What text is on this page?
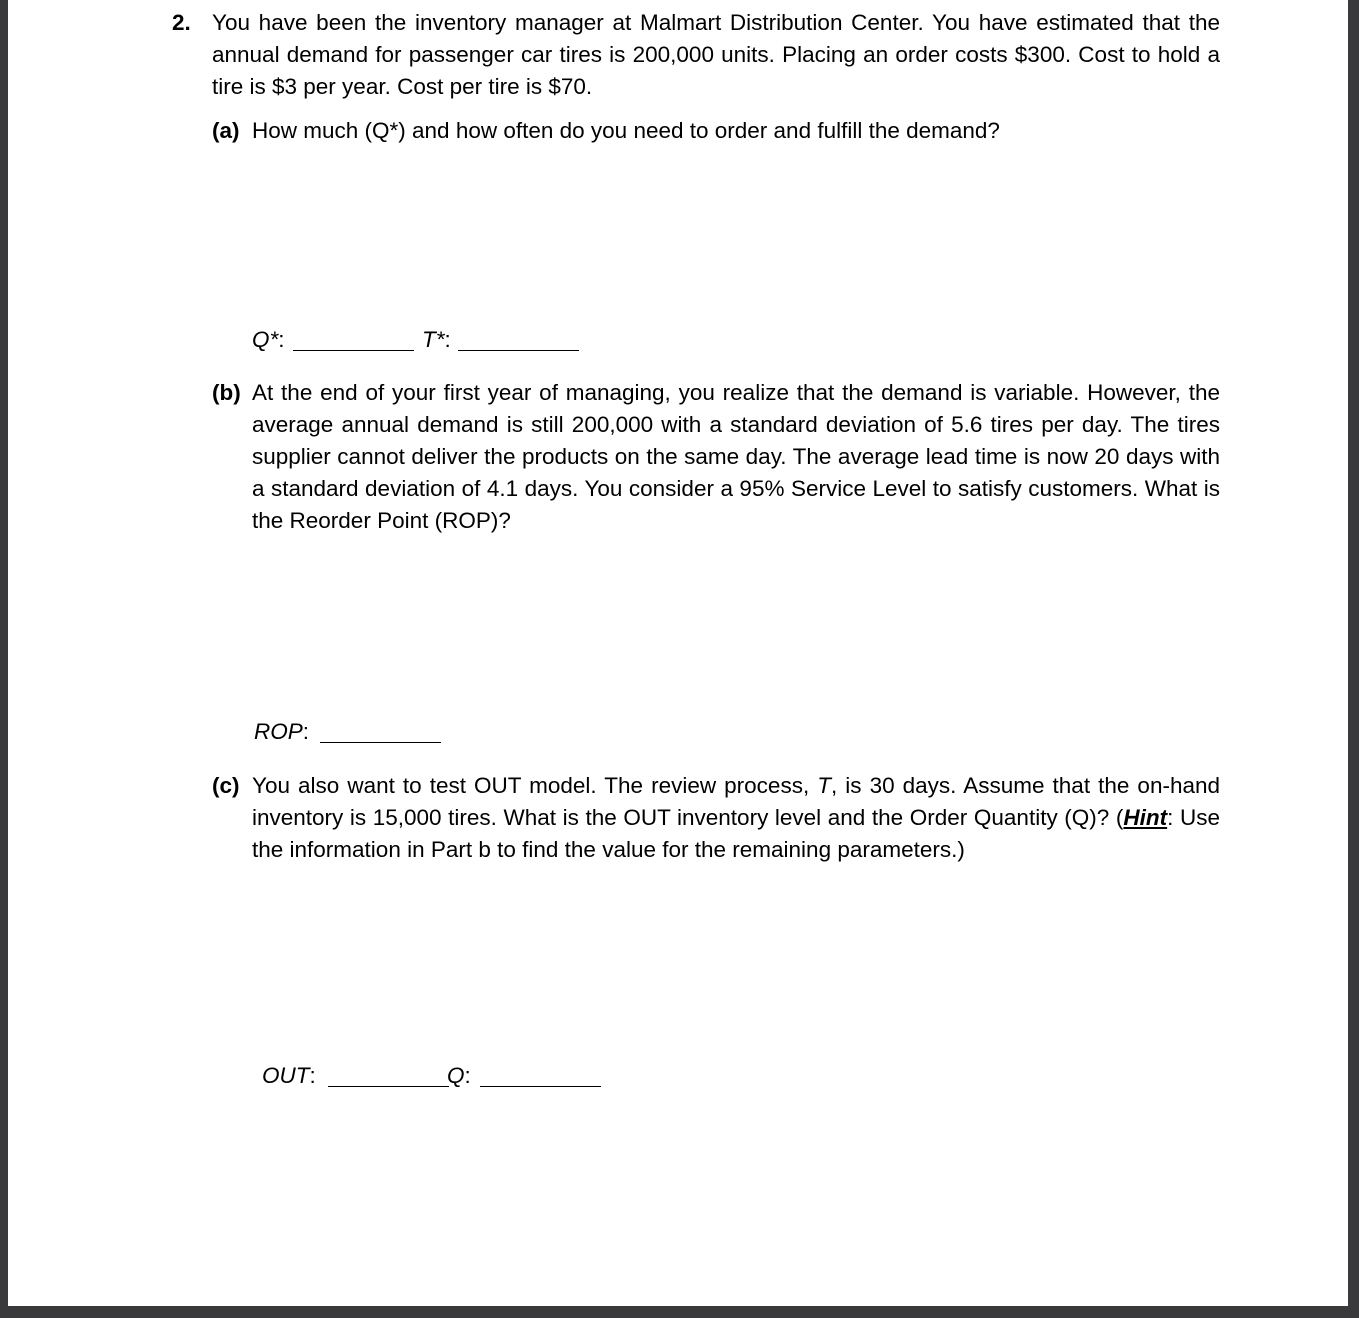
2. You have been the inventory manager at Malmart Distribution Center. You have estimated that the annual demand for passenger car tires is 200,000 units. Placing an order costs $300. Cost to hold a tire is $3 per year. Cost per tire is $70.
(a) How much (Q*) and how often do you need to order and fulfill the demand?
Q*:	T*:
(b) At the end of your first year of managing, you realize that the demand is variable. However, the average annual demand is still 200,000 with a standard deviation of 5.6 tires per day. The tires supplier cannot deliver the products on the same day. The average lead time is now 20 days with a standard deviation of 4.1 days. You consider a 95% Service Level to satisfy customers. What is the Reorder Point (ROP)?
ROP:
(c) You also want to test OUT model. The review process, T, is 30 days. Assume that the on-hand inventory is 15,000 tires. What is the OUT inventory level and the Order Quantity (Q)? (Hint: Use the information in Part b to find the value for the remaining parameters.)
OUT:	Q:
